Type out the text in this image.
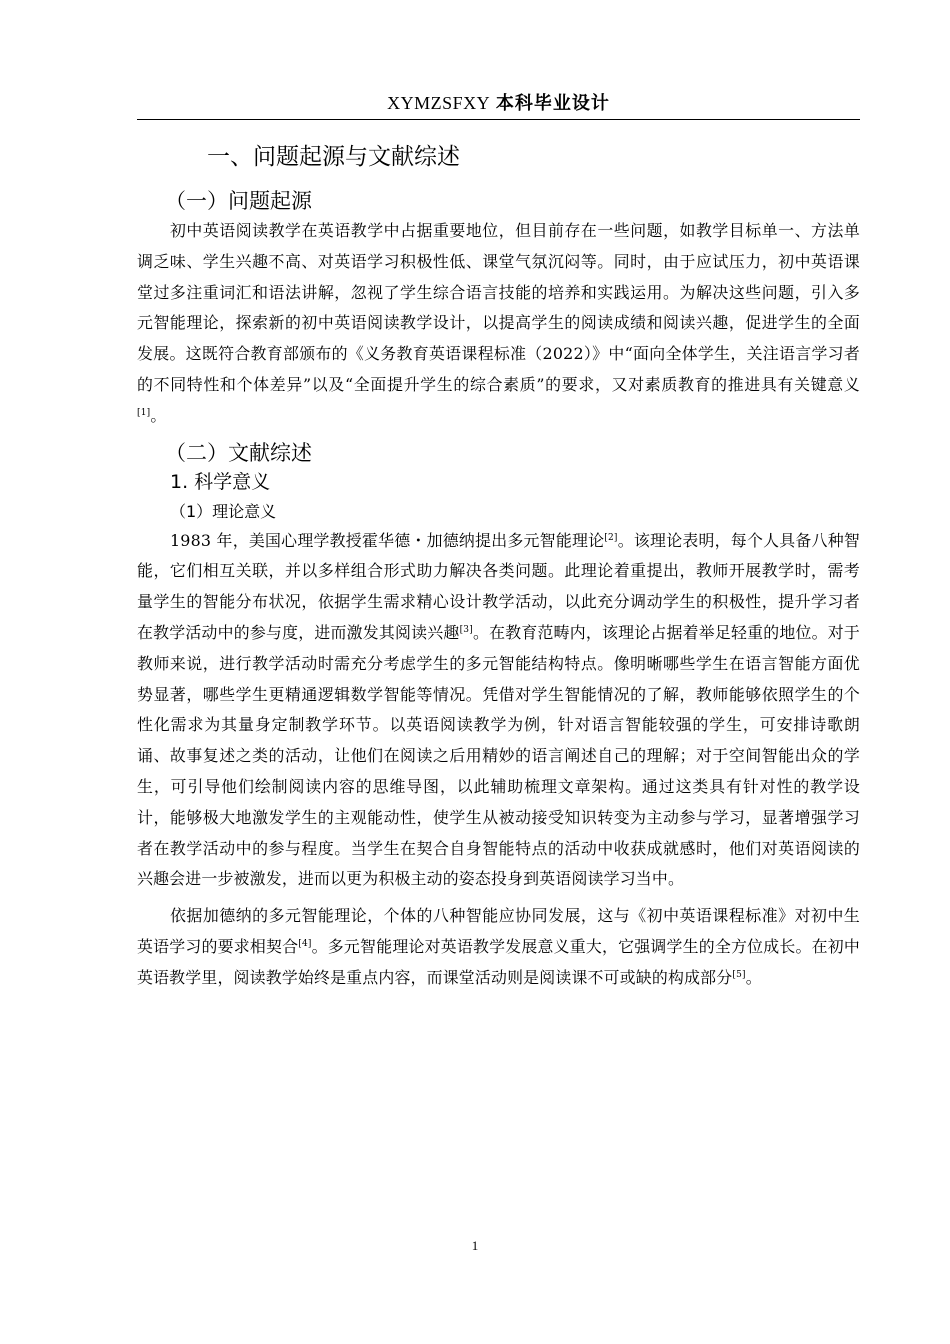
XYMZSFXY 本科毕业设计
一、问题起源与文献综述
（一）问题起源

初中英语阅读教学在英语教学中占据重要地位，但目前存在一些问题，如教学目标单一、方法单调乏味、学生兴趣不高、对英语学习积极性低、课堂气氛沉闷等。同时，由于应试压力，初中英语课堂过多注重词汇和语法讲解，忽视了学生综合语言技能的培养和实践运用。为解决这些问题，引入多元智能理论，探索新的初中英语阅读教学设计，以提高学生的阅读成绩和阅读兴趣，促进学生的全面发展。这既符合教育部颁布的《义务教育英语课程标准（2022）》中“面向全体学生，关注语言学习者的不同特性和个体差异”以及“全面提升学生的综合素质”的要求，又对素质教育的推进具有关键意义[1]。

（二）文献综述
1. 科学意义
（1）理论意义

1983 年，美国心理学教授霍华德・加德纳提出多元智能理论[2]。该理论表明，每个人具备八种智能，它们相互关联，并以多样组合形式助力解决各类问题。此理论着重提出，教师开展教学时，需考量学生的智能分布状况，依据学生需求精心设计教学活动，以此充分调动学生的积极性，提升学习者在教学活动中的参与度，进而激发其阅读兴趣[3]。在教育范畴内，该理论占据着举足轻重的地位。对于教师来说，进行教学活动时需充分考虑学生的多元智能结构特点。像明晰哪些学生在语言智能方面优势显著，哪些学生更精通逻辑数学智能等情况。凭借对学生智能情况的了解，教师能够依照学生的个性化需求为其量身定制教学环节。以英语阅读教学为例，针对语言智能较强的学生，可安排诗歌朗诵、故事复述之类的活动，让他们在阅读之后用精妙的语言阐述自己的理解；对于空间智能出众的学生，可引导他们绘制阅读内容的思维导图，以此辅助梳理文章架构。通过这类具有针对性的教学设计，能够极大地激发学生的主观能动性，使学生从被动接受知识转变为主动参与学习，显著增强学习者在教学活动中的参与程度。当学生在契合自身智能特点的活动中收获成就感时，他们对英语阅读的兴趣会进一步被激发，进而以更为积极主动的姿态投身到英语阅读学习当中。

依据加德纳的多元智能理论，个体的八种智能应协同发展，这与《初中英语课程标准》对初中生英语学习的要求相契合[4]。多元智能理论对英语教学发展意义重大，它强调学生的全方位成长。在初中英语教学里，阅读教学始终是重点内容，而课堂活动则是阅读课不可或缺的构成部分[5]。

1
